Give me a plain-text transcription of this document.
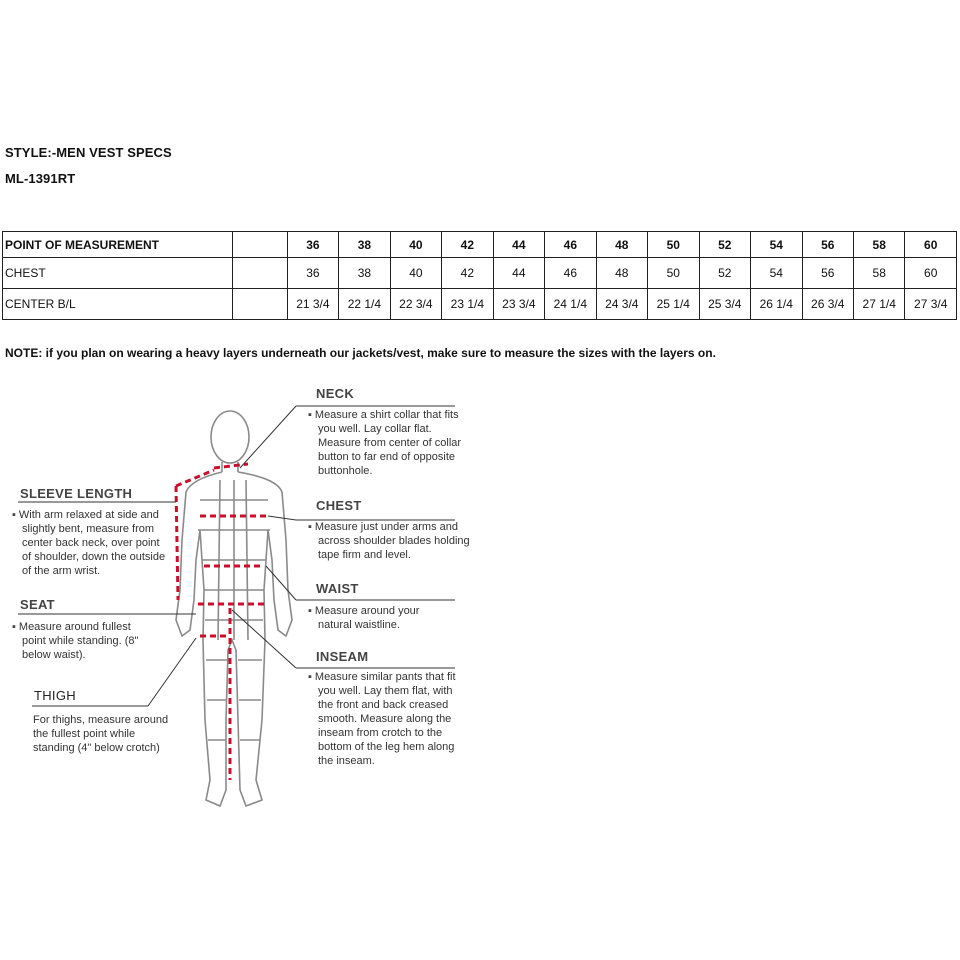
STYLE:-MEN VEST SPECS
ML-1391RT
POINT OF MEASUREMENT		36	38	40	42	44	46	48	50	52	54	56	58	60
CHEST		36	38	40	42	44	46	48	50	52	54	56	58	60
CENTER B/L		21 3/4	22 1/4	22 3/4	23 1/4	23 3/4	24 1/4	24 3/4	25 1/4	25 3/4	26 1/4	26 3/4	27 1/4	27 3/4
NOTE: if you plan on wearing a heavy layers underneath our jackets/vest, make sure to measure the sizes with the layers on.
NECK
▪ Measure a shirt collar that fits you well. Lay collar flat. Measure from center of collar button to far end of opposite buttonhole.
CHEST
▪ Measure just under arms and across shoulder blades holding tape firm and level.
WAIST
▪ Measure around your natural waistline.
INSEAM
▪ Measure similar pants that fit you well. Lay them flat, with the front and back creased smooth. Measure along the inseam from crotch to the bottom of the leg hem along the inseam.
SLEEVE LENGTH
▪ With arm relaxed at side and slightly bent, measure from center back neck, over point of shoulder, down the outside of the arm wrist.
SEAT
▪ Measure around fullest point while standing. (8" below waist).
THIGH
For thighs, measure around the fullest point while standing (4" below crotch)
